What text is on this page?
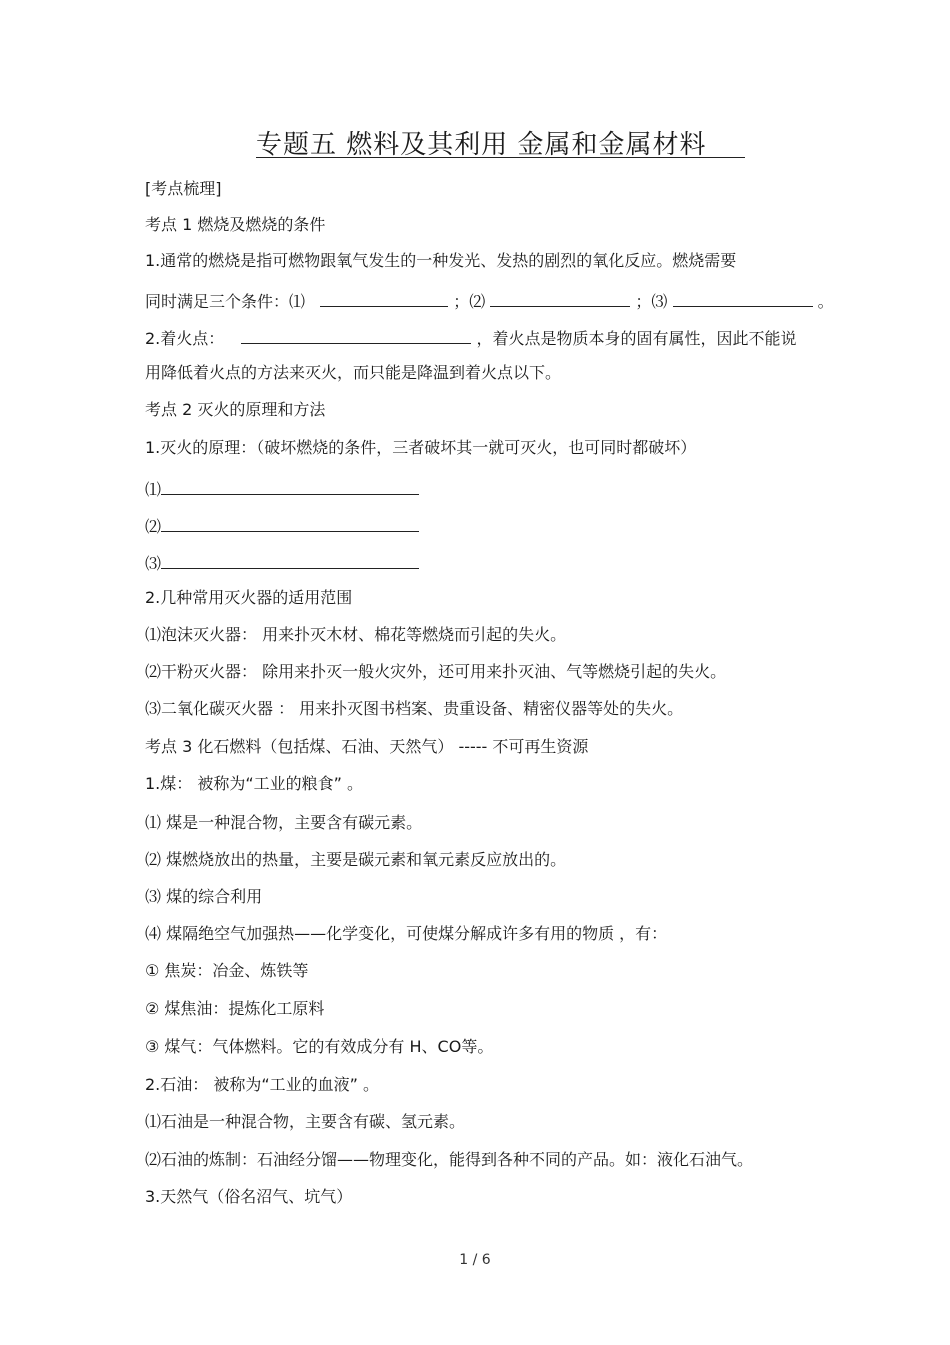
专题五 燃料及其利用 金属和金属材料
[考点梳理]
考点 1 燃烧及燃烧的条件
1.通常的燃烧是指可燃物跟氧气发生的一种发光、发热的剧烈的氧化反应。燃烧需要
同时满足三个条件：⑴	；⑵	；⑶	。
2.着火点：	，着火点是物质本身的固有属性，因此不能说
用降低着火点的方法来灭火，而只能是降温到着火点以下。
考点 2 灭火的原理和方法
1.灭火的原理：（破坏燃烧的条件，三者破坏其一就可灭火，也可同时都破坏）
⑴
⑵
⑶
2.几种常用灭火器的适用范围
⑴泡沫灭火器： 用来扑灭木材、棉花等燃烧而引起的失火。
⑵干粉灭火器： 除用来扑灭一般火灾外，还可用来扑灭油、气等燃烧引起的失火。
⑶二氧化碳灭火器 ： 用来扑灭图书档案、贵重设备、精密仪器等处的失火。
考点 3 化石燃料（包括煤、石油、天然气） ----- 不可再生资源
1.煤： 被称为“工业的粮食” 。
⑴ 煤是一种混合物，主要含有碳元素。
⑵ 煤燃烧放出的热量，主要是碳元素和氧元素反应放出的。
⑶ 煤的综合利用
⑷ 煤隔绝空气加强热——化学变化，可使煤分解成许多有用的物质 ，有：
① 焦炭：冶金、炼铁等
② 煤焦油：提炼化工原料
③ 煤气：气体燃料。它的有效成分有 H、CO等。
2.石油： 被称为“工业的血液” 。
⑴石油是一种混合物，主要含有碳、氢元素。
⑵石油的炼制：石油经分馏——物理变化，能得到各种不同的产品。如：液化石油气。
3.天然气（俗名沼气、坑气）
1 / 6
